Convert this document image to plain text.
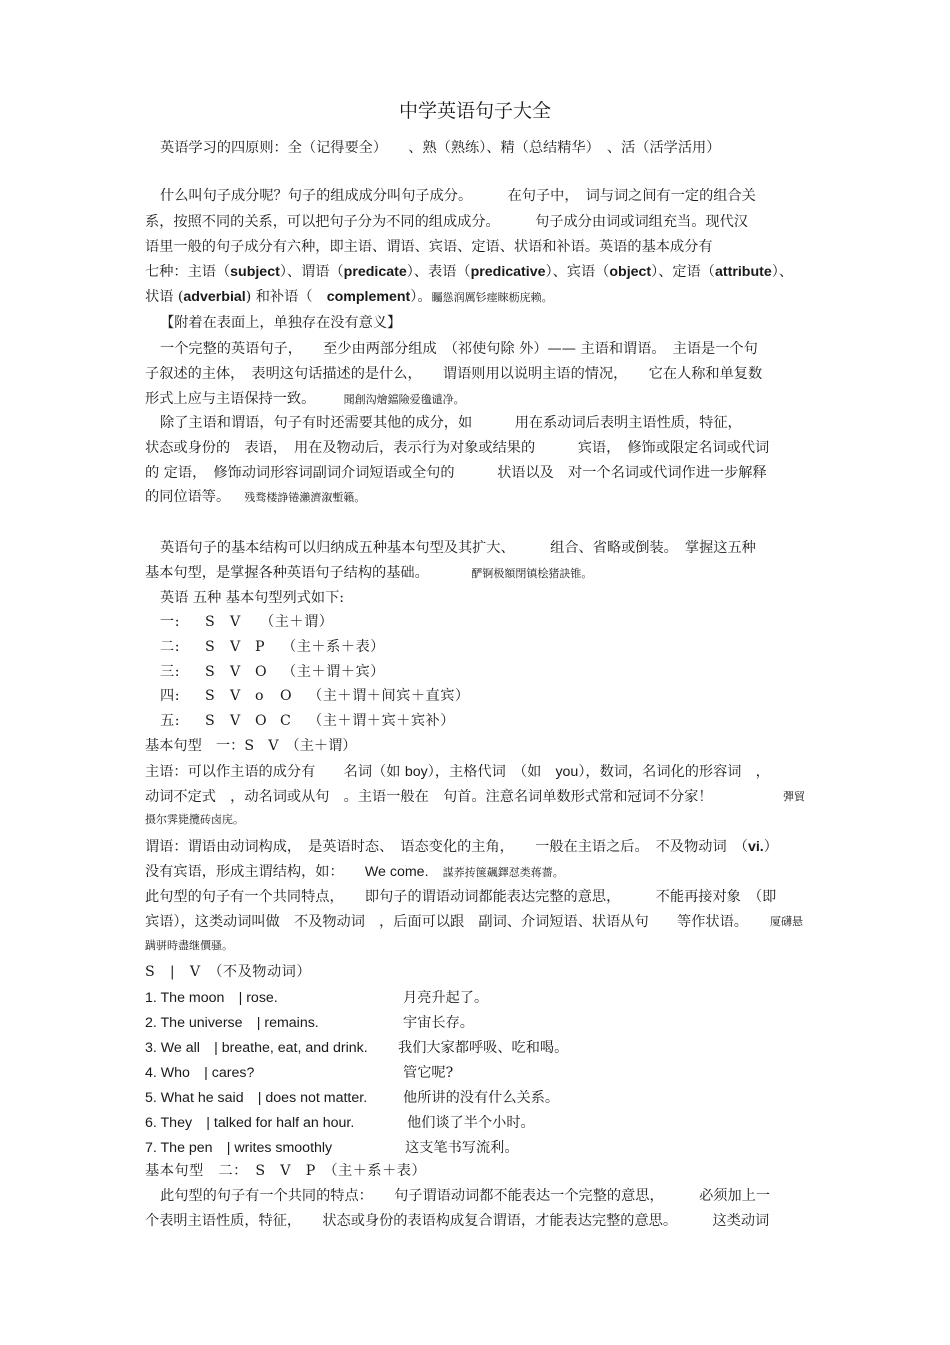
中学英语句子大全
英语学习的四原则：全（记得要全）　　、熟（熟练）、精（总结精华）　、活（活学活用）
什么叫句子成分呢？句子的组成成分叫句子成分。　　　在句子中，　词与词之间有一定的组合关
系，按照不同的关系，可以把句子分为不同的组成成分。　　　句子成分由词或词组充当。现代汉
语里一般的句子成分有六种，即主语、谓语、宾语、定语、状语和补语。英语的基本成分有
七种：主语（subject）、谓语（predicate）、表语（predicative）、宾语（object）、定语（attribute）、
状语 (adverbial) 和补语（　complement）。矚慫润厲钐瘗睞枥庑赖。
【附着在表面上，单独存在没有意义】
一个完整的英语句子，　　至少由两部分组成　（祁使句除 外）—— 主语和谓语。　主语是一个句
子叙述的主体，　表明这句话描述的是什么，　　谓语则用以说明主语的情况，　　它在人称和单复数
形式上应与主语保持一致。  	聞創沟燴鐺險爱氇谴净。
除了主语和谓语，句子有时还需要其他的成分，如　　　用在系动词后表明主语性质，特征，
状态或身份的　表语，　用在及物动后，表示行为对象或结果的　　　宾语，　修饰或限定名词或代词
的 定语，　修饰动词形容词副词介词短语或全句的　　　状语以及　对一个名词或代词作进一步解释
的同位语等。  残骛楼諍锩瀨濟溆塹籟。
英语句子的基本结构可以归纳成五种基本句型及其扩大、　　　组合、省略或倒装。　掌握这五种
基本句型，是掌握各种英语句子结构的基础。   	酽锕极額閉镇桧猪訣锥。
英语 五种 基本句型列式如下:
一: S V （主＋谓）
二: S V P （主＋系＋表）
三: S V O （主＋谓＋宾）
四: S V o O （主＋谓＋间宾＋直宾）
五: S V O C （主＋谓＋宾＋宾补）
基本句型　一：S　V　（主＋谓）
主语：可以作主语的成分有　　名词（如 boy），主格代词　（如　you），数词，名词化的形容词　，
动词不定式　，动名词或从句　。主语一般在　句首。注意名词单数形式常和冠词不分家！	彈貿
摄尔霁毙攬砖卤庑。
谓语：谓语由动词构成，　是英语时态、　语态变化的主角，　　一般在主语之后。　不及物动词　（vi.）
没有宾语，形成主谓结构，如：　　We come.  謀荞抟箧飆鐸怼类蒋薔。
此句型的句子有一个共同特点，　　即句子的谓语动词都能表达完整的意思，　　　不能再接对象　（即
宾语），这类动词叫做　不及物动词　，后面可以跟　副词、介词短语、状语从句　　等作状语。 厦礴悬
蹒骈時盡继價骚。
S　|　V　（不及物动词）
1. The moon　| rose.	月亮升起了。
2. The universe　| remains.	宇宙长存。
3. We all　| breathe, eat, and drink. 我们大家都呼吸、吃和喝。
4. Who　| cares?	管它呢?
5. What he said　| does not matter.	他所讲的没有什么关系。
6. They　| talked for half an hour.	他们谈了半个小时。
7. The pen　| writes smoothly	这支笔书写流利。
基本句型　二：　S　V　P　（主＋系＋表）
此句型的句子有一个共同的特点：　　句子谓语动词都不能表达一个完整的意思，　　　必须加上一
个表明主语性质，特征，　　状态或身份的表语构成复合谓语，才能表达完整的意思。　　　这类动词
